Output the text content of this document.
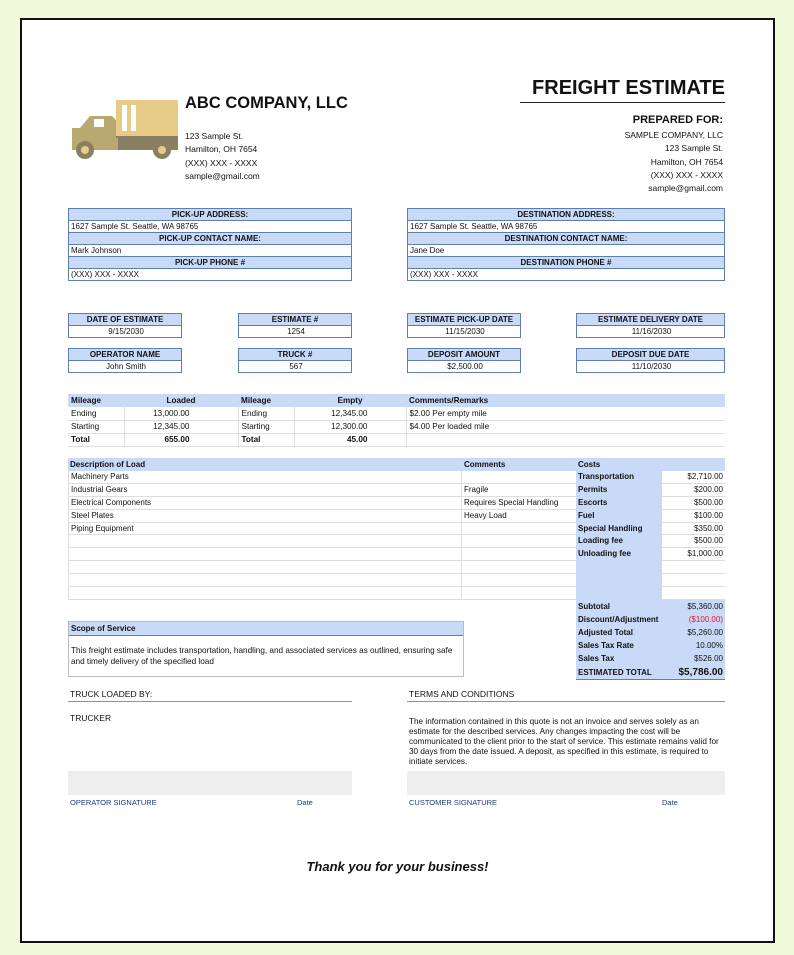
ABC COMPANY, LLC
123 Sample St.
Hamilton, OH 7654
(XXX) XXX - XXXX
sample@gmail.com
FREIGHT ESTIMATE
PREPARED FOR:
SAMPLE COMPANY, LLC
123 Sample St.
Hamilton, OH 7654
(XXX) XXX - XXXX
sample@gmail.com
PICK-UP ADDRESS:
1627 Sample St. Seattle, WA 98765
PICK-UP CONTACT NAME:
Mark Johnson
PICK-UP PHONE #
(XXX) XXX - XXXX
DESTINATION ADDRESS:
1627 Sample St. Seattle, WA 98765
DESTINATION CONTACT NAME:
Jane Doe
DESTINATION PHONE #
(XXX) XXX - XXXX
DATE OF ESTIMATE
9/15/2030
ESTIMATE #
1254
ESTIMATE PICK-UP DATE
11/15/2030
ESTIMATE DELIVERY DATE
11/16/2030
OPERATOR NAME
John Smith
TRUCK #
567
DEPOSIT AMOUNT
$2,500.00
DEPOSIT DUE DATE
11/10/2030
Mileage	Loaded	Mileage	Empty	Comments/Remarks
Ending	13,000.00	Ending	12,345.00	$2.00 Per empty mile
Starting	12,345.00	Starting	12,300.00	$4.00 Per loaded mile
Total	655.00	Total	45.00	
Description of Load	Comments
Machinery Parts
Industrial Gears	Fragile
Electrical Components	Requires Special Handling
Steel Plates	Heavy Load
Piping Equipment
Costs
Transportation	$2,710.00
Permits	$200.00
Escorts	$500.00
Fuel	$100.00
Special Handling	$350.00
Loading fee	$500.00
Unloading fee	$1,000.00
Subtotal	$5,360.00
Discount/Adjustment	($100.00)
Adjusted Total	$5,260.00
Sales Tax Rate	10.00%
Sales Tax	$526.00
ESTIMATED TOTAL	$5,786.00
Scope of Service
This freight estimate includes transportation, handling, and associated services as outlined, ensuring safe and timely delivery of the specified load
TRUCK LOADED BY:
TRUCKER
OPERATOR SIGNATURE	Date
TERMS AND CONDITIONS
The information contained in this quote is not an invoice and serves solely as an estimate for the described services. Any changes impacting the cost will be communicated to the client prior to the start of service. This estimate remains valid for 30 days from the date issued. A deposit, as specified in this estimate, is required to initiate services.
CUSTOMER SIGNATURE	Date
Thank you for your business!
